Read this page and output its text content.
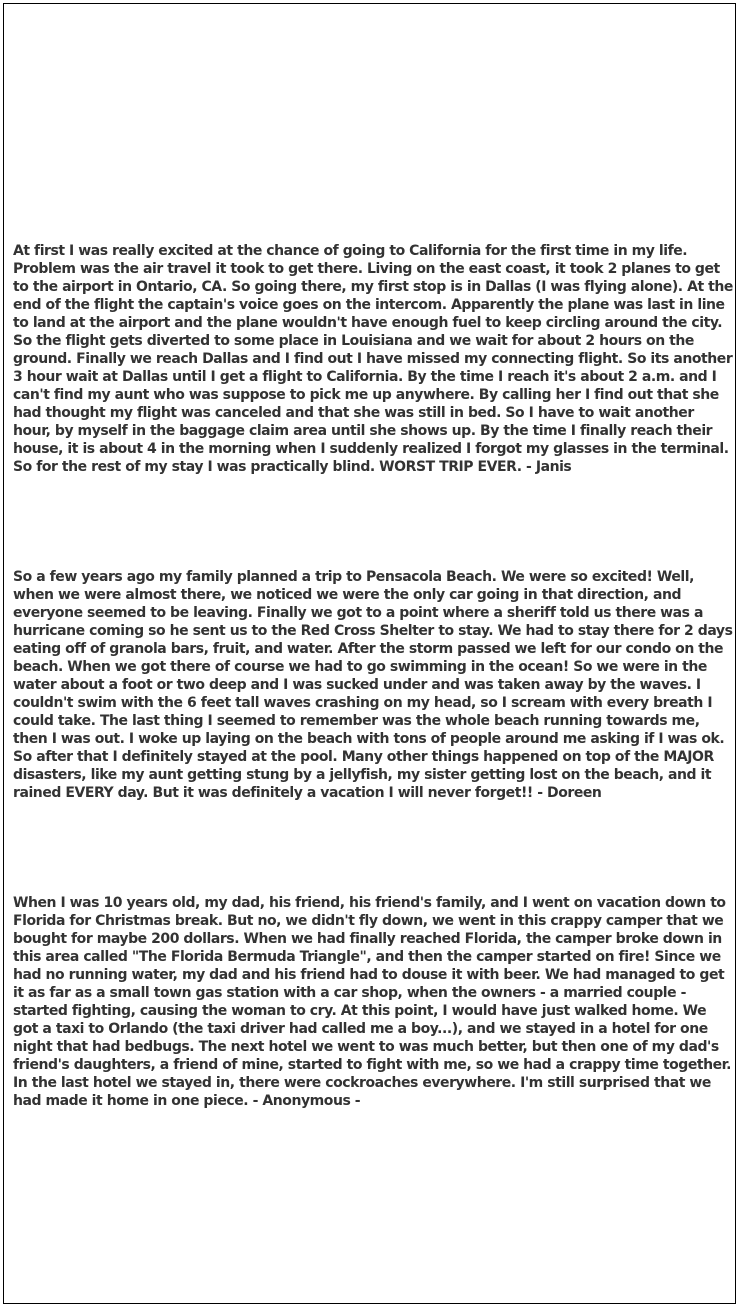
At first I was really excited at the chance of going to California for the first time in my life. Problem was the air travel it took to get there. Living on the east coast, it took 2 planes to get to the airport in Ontario, CA. So going there, my first stop is in Dallas (I was flying alone). At the end of the flight the captain's voice goes on the intercom. Apparently the plane was last in line to land at the airport and the plane wouldn't have enough fuel to keep circling around the city. So the flight gets diverted to some place in Louisiana and we wait for about 2 hours on the ground. Finally we reach Dallas and I find out I have missed my connecting flight. So its another 3 hour wait at Dallas until I get a flight to California. By the time I reach it's about 2 a.m. and I can't find my aunt who was suppose to pick me up anywhere. By calling her I find out that she had thought my flight was canceled and that she was still in bed. So I have to wait another hour, by myself in the baggage claim area until she shows up. By the time I finally reach their house, it is about 4 in the morning when I suddenly realized I forgot my glasses in the terminal. So for the rest of my stay I was practically blind. WORST TRIP EVER. - Janis

So a few years ago my family planned a trip to Pensacola Beach. We were so excited! Well, when we were almost there, we noticed we were the only car going in that direction, and everyone seemed to be leaving. Finally we got to a point where a sheriff told us there was a hurricane coming so he sent us to the Red Cross Shelter to stay. We had to stay there for 2 days eating off of granola bars, fruit, and water. After the storm passed we left for our condo on the beach. When we got there of course we had to go swimming in the ocean! So we were in the water about a foot or two deep and I was sucked under and was taken away by the waves. I couldn't swim with the 6 feet tall waves crashing on my head, so I scream with every breath I could take. The last thing I seemed to remember was the whole beach running towards me, then I was out. I woke up laying on the beach with tons of people around me asking if I was ok. So after that I definitely stayed at the pool. Many other things happened on top of the MAJOR disasters, like my aunt getting stung by a jellyfish, my sister getting lost on the beach, and it rained EVERY day. But it was definitely a vacation I will never forget!! - Doreen

When I was 10 years old, my dad, his friend, his friend's family, and I went on vacation down to Florida for Christmas break. But no, we didn't fly down, we went in this crappy camper that we bought for maybe 200 dollars. When we had finally reached Florida, the camper broke down in this area called "The Florida Bermuda Triangle", and then the camper started on fire! Since we had no running water, my dad and his friend had to douse it with beer. We had managed to get it as far as a small town gas station with a car shop, when the owners - a married couple - started fighting, causing the woman to cry. At this point, I would have just walked home. We got a taxi to Orlando (the taxi driver had called me a boy...), and we stayed in a hotel for one night that had bedbugs. The next hotel we went to was much better, but then one of my dad's friend's daughters, a friend of mine, started to fight with me, so we had a crappy time together. In the last hotel we stayed in, there were cockroaches everywhere. I'm still surprised that we had made it home in one piece. - Anonymous -
